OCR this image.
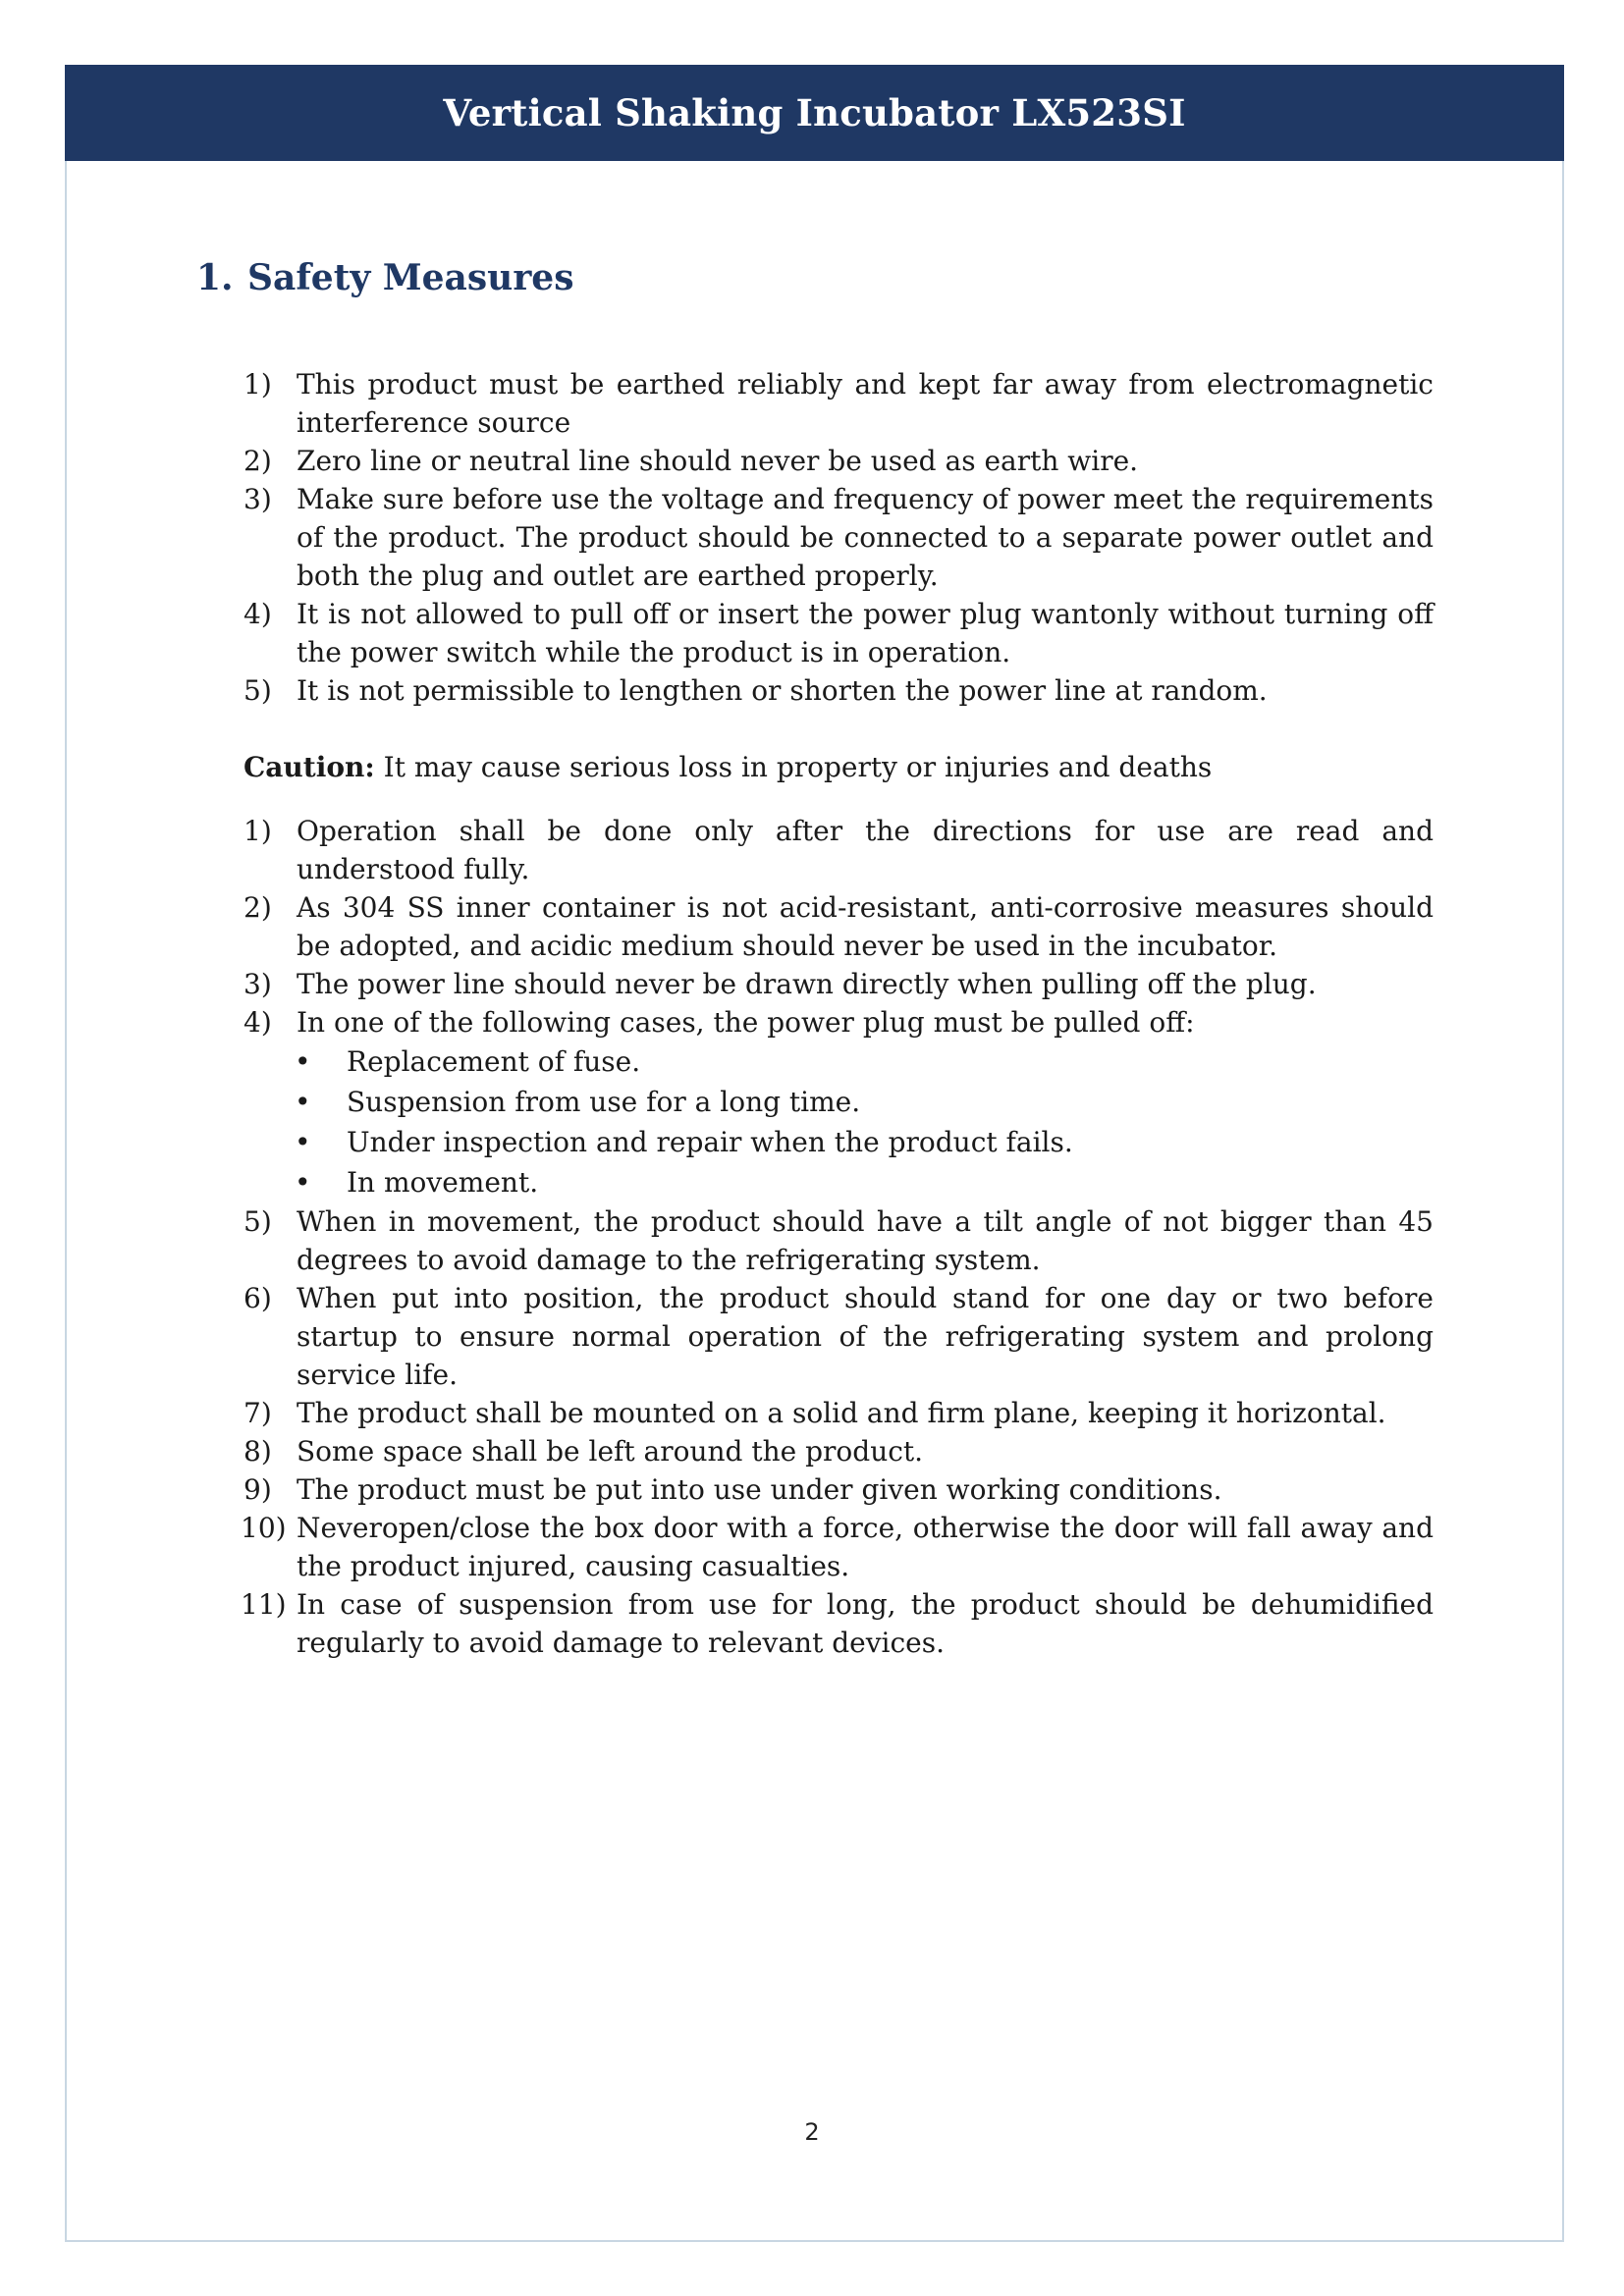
Vertical Shaking Incubator LX523SI
1. Safety Measures
1) This product must be earthed reliably and kept far away from electromagnetic interference source
2) Zero line or neutral line should never be used as earth wire.
3) Make sure before use the voltage and frequency of power meet the requirements of the product. The product should be connected to a separate power outlet and both the plug and outlet are earthed properly.
4) It is not allowed to pull off or insert the power plug wantonly without turning off the power switch while the product is in operation.
5) It is not permissible to lengthen or shorten the power line at random.
Caution: It may cause serious loss in property or injuries and deaths
1) Operation shall be done only after the directions for use are read and understood fully.
2) As 304 SS inner container is not acid-resistant, anti-corrosive measures should be adopted, and acidic medium should never be used in the incubator.
3) The power line should never be drawn directly when pulling off the plug.
4) In one of the following cases, the power plug must be pulled off:
• Replacement of fuse.
• Suspension from use for a long time.
• Under inspection and repair when the product fails.
• In movement.
5) When in movement, the product should have a tilt angle of not bigger than 45 degrees to avoid damage to the refrigerating system.
6) When put into position, the product should stand for one day or two before startup to ensure normal operation of the refrigerating system and prolong service life.
7) The product shall be mounted on a solid and firm plane, keeping it horizontal.
8) Some space shall be left around the product.
9) The product must be put into use under given working conditions.
10) Neveropen/close the box door with a force, otherwise the door will fall away and the product injured, causing casualties.
11) In case of suspension from use for long, the product should be dehumidified regularly to avoid damage to relevant devices.
2
